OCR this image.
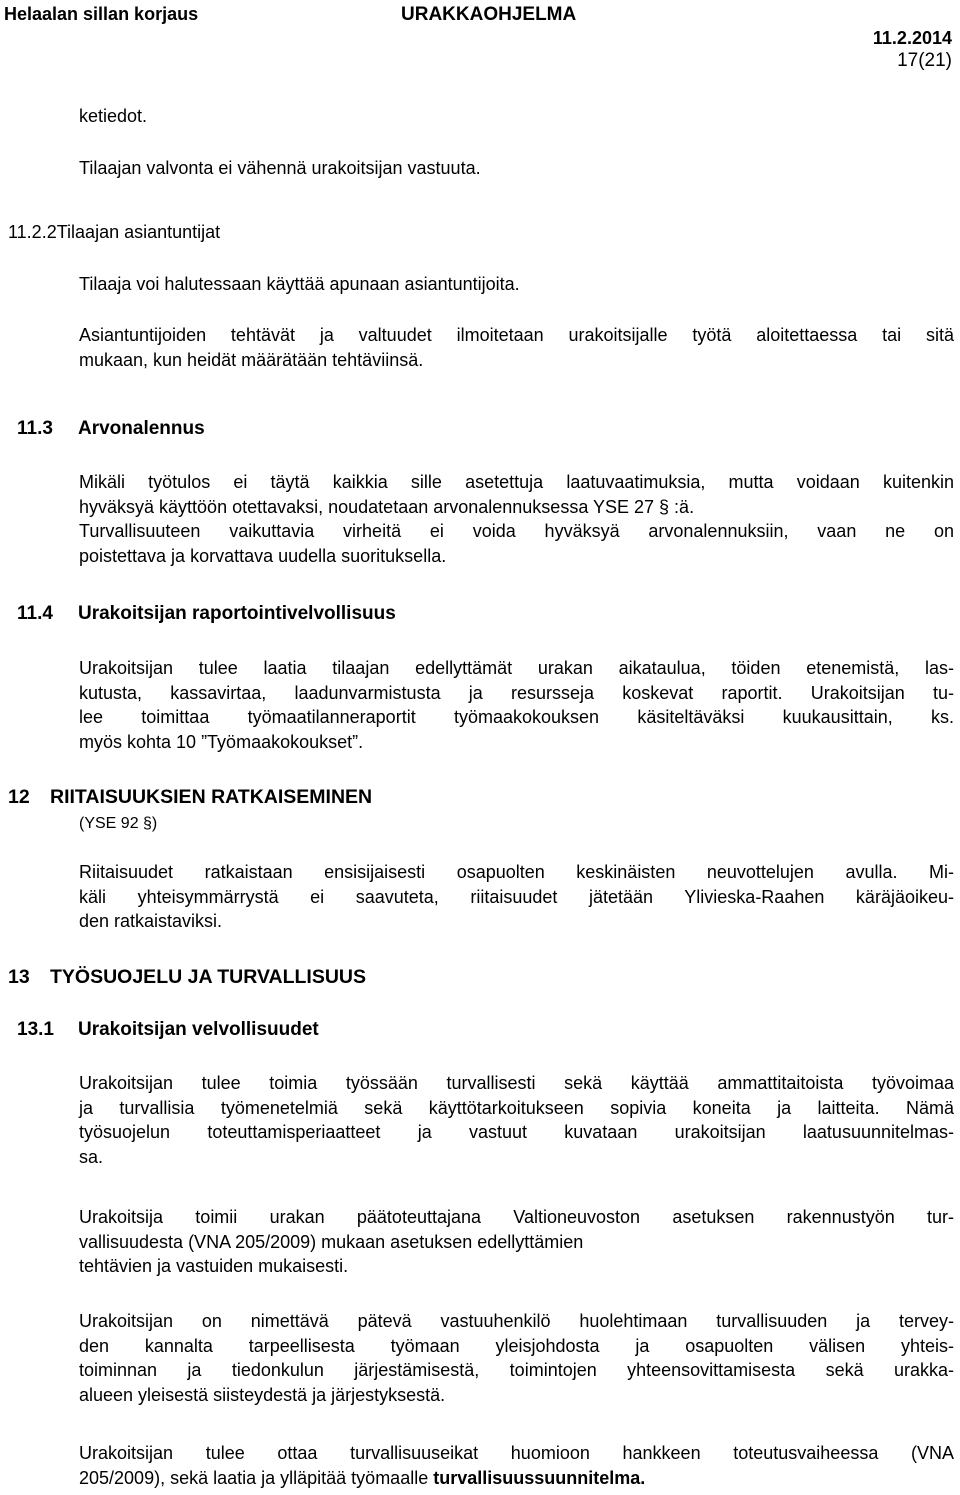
Helaalan sillan korjaus	URAKKAOHJELMA
11.2.2014
17(21)
ketiedot.
Tilaajan valvonta ei vähennä urakoitsijan vastuuta.
11.2.2Tilaajan asiantuntijat
Tilaaja voi halutessaan käyttää apunaan asiantuntijoita.
Asiantuntijoiden tehtävät ja valtuudet ilmoitetaan urakoitsijalle työtä aloitettaessa tai sitä
mukaan, kun heidät määrätään tehtäviinsä.
11.3 Arvonalennus
Mikäli työtulos ei täytä kaikkia sille asetettuja laatuvaatimuksia, mutta voidaan kuitenkin
hyväksyä käyttöön otettavaksi, noudatetaan arvonalennuksessa YSE 27 § :ä.
Turvallisuuteen vaikuttavia virheitä ei voida hyväksyä arvonalennuksiin, vaan ne on
poistettava ja korvattava uudella suorituksella.
11.4 Urakoitsijan raportointivelvollisuus
Urakoitsijan tulee laatia tilaajan edellyttämät urakan aikataulua, töiden etenemistä, las-
kutusta, kassavirtaa, laadunvarmistusta ja resursseja koskevat raportit. Urakoitsijan tu-
lee toimittaa työmaatilanneraportit työmaakokouksen käsiteltäväksi kuukausittain, ks.
myös kohta 10 ”Työmaakokoukset”.
12 RIITAISUUKSIEN RATKAISEMINEN
(YSE 92 §)
Riitaisuudet ratkaistaan ensisijaisesti osapuolten keskinäisten neuvottelujen avulla. Mi-
käli yhteisymmärrystä ei saavuteta, riitaisuudet jätetään Ylivieska-Raahen käräjäoikeu-
den ratkaistaviksi.
13 TYÖSUOJELU JA TURVALLISUUS
13.1 Urakoitsijan velvollisuudet
Urakoitsijan tulee toimia työssään turvallisesti sekä käyttää ammattitaitoista työvoimaa
ja turvallisia työmenetelmiä sekä käyttötarkoitukseen sopivia koneita ja laitteita. Nämä
työsuojelun toteuttamisperiaatteet ja vastuut kuvataan urakoitsijan laatusuunnitelmas-
sa.
Urakoitsija toimii urakan päätoteuttajana Valtioneuvoston asetuksen rakennustyön tur-
vallisuudesta (VNA 205/2009) mukaan asetuksen edellyttämien
tehtävien ja vastuiden mukaisesti.
Urakoitsijan on nimettävä pätevä vastuuhenkilö huolehtimaan turvallisuuden ja tervey-
den kannalta tarpeellisesta työmaan yleisjohdosta ja osapuolten välisen yhteis-
toiminnan ja tiedonkulun järjestämisestä, toimintojen yhteensovittamisesta sekä urakka-
alueen yleisestä siisteydestä ja järjestyksestä.
Urakoitsijan tulee ottaa turvallisuuseikat huomioon hankkeen toteutusvaiheessa (VNA
205/2009), sekä laatia ja ylläpitää työmaalle turvallisuussuunnitelma.
